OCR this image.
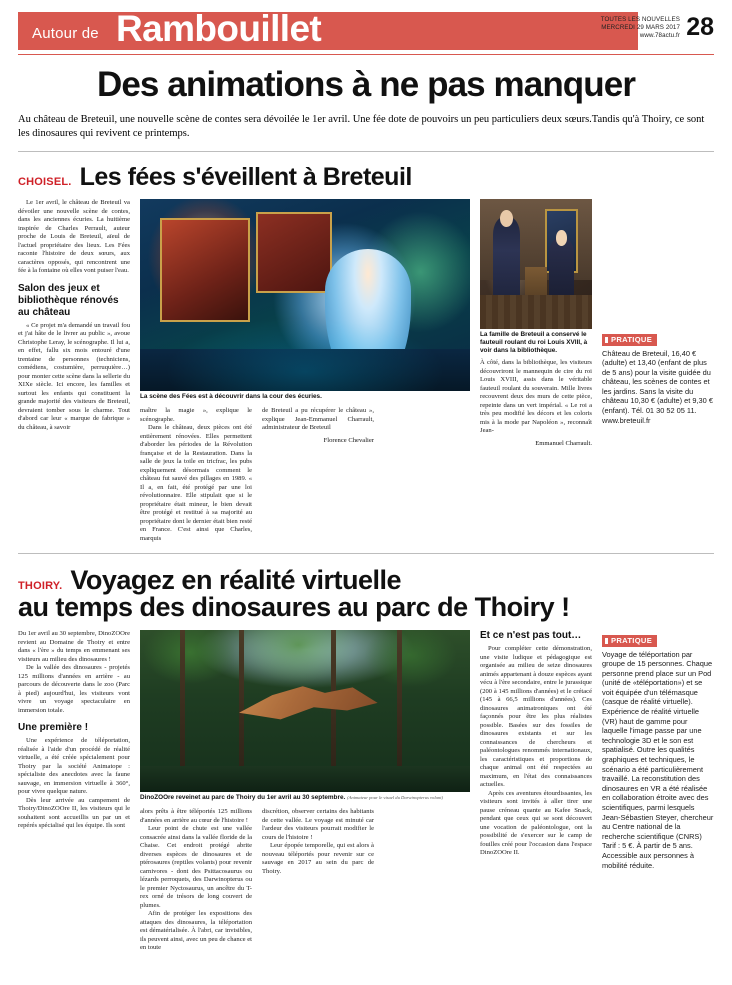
Autour de Rambouillet	TOUTES LES NOUVELLES
MERCREDI 29 MARS 2017
www.78actu.fr 28
Des animations à ne pas manquer

Au château de Breteuil, une nouvelle scène de contes sera dévoilée le 1er avril. Une fée dote de pouvoirs un peu particuliers deux sœurs.Tandis qu'à Thoiry, ce sont les dinosaures qui revivent ce printemps.

CHOISEL. Les fées s'éveillent à Breteuil

Le 1er avril, le château de Breteuil va dévoiler une nouvelle scène de contes, dans les anciennes écuries. La huitième inspirée de Charles Perrault, auteur proche de Louis de Breteuil, aïeul de l'actuel propriétaire des lieux. Les Fées raconte l'histoire de deux sœurs, aux caractères opposés, qui rencontrent une fée à la fontaine où elles vont puiser l'eau.

Salon des jeux et bibliothèque rénovés au château

« Ce projet m'a demandé un travail fou et j'ai hâte de le livrer au public », avoue Christophe Leray, le scénographe. Il lui a, en effet, fallu six mois entouré d'une trentaine de personnes (techniciens, comédiens, costumière, perruquière…) pour monter cette scène dans la sellerie du XIXe siècle. Ici encore, les familles et surtout les enfants qui constituent la grande majorité des visiteurs de Breteuil, devraient tomber sous le charme. Tout d'abord car leur « marque de fabrique » du château, à savoir

La scène des Fées est à découvrir dans la cour des écuries.

maître la magie », explique le scénographe.

Dans le château, deux pièces ont été entièrement rénovées. Elles permettent d'aborder les périodes de la Révolution française et de la Restauration. Dans la salle de jeux la toile en tricfrac, les pubs expliquement désormais comment le château fut sauvé des pillages en 1989. « Il a, en fait, été protégé par une loi révolutionnaire. Elle stipulait que si le propriétaire était mineur, le bien devait être protégé et restitué à sa majorité au propriétaire dont le dernier était bien resté en France. C'est ainsi que Charles, marquis

de Breteuil a pu récupérer le château », explique Jean-Emmanuel Charrault, administrateur de Breteuil

Florence Chevalier
La famille de Breteuil a conservé le fauteuil roulant du roi Louis XVIII, à voir dans la bibliothèque.

À côté, dans la bibliothèque, les visiteurs découvriront le mannequin de cire du roi Louis XVIII, assis dans le véritable fauteuil roulant du souverain. Mille livres recouvrent deux des murs de cette pièce, repeinte dans un vert impérial. « Le roi a très peu modifié les décors et les coloris mis à la mode par Napoléon », reconnaît Jean-

Emmanuel Charrault.
PRATIQUE
Château de Breteuil, 16,40 € (adulte) et 13,40 (enfant de plus de 5 ans) pour la visite guidée du château, les scènes de contes et les jardins. Sans la visite du château 10,30 € (adulte) et 9,30 € (enfant). Tél. 01 30 52 05 11. www.breteuil.fr
THOIRY. Voyagez en réalité virtuelle
au temps des dinosaures au parc de Thoiry !

Du 1er avril au 30 septembre, DinoZOOre revient au Domaine de Thoiry et entre dans « l'ère » du temps en emmenant ses visiteurs au milieu des dinosaures !

De la vallée des dinosaures - projetés 125 millions d'années en arrière - au parcours de découverte dans le zoo (Parc à pied) aujourd'hui, les visiteurs vont vivre un voyage spectaculaire en immersion totale.

Une première !

Une expérience de téléportation, réalisée à l'aide d'un procédé de réalité virtuelle, a été créée spécialement pour Thoiry par la société Animatope : spécialiste des anecdotes avec la faune sauvage, en immersion virtuelle à 360°, pour vivre quelque nature.

Dès leur arrivée au campement de Thoiry/DinoZOOre II, les visiteurs qui le souhaitent sont accueillis un par un et repérés spécialisé qui les équipe. Ils sont

DinoZOOre reveinet au parc de Thoiry du 1er avril au 30 septembre. (Animateur pour le visuel du Darwinopterus volant)

alors prêts à être téléportés 125 millions d'années en arrière au cœur de l'histoire !

Leur point de chute est une vallée consacrée ainsi dans la vallée floride de la Chaise. Cet endroit protégé abrite diverses espèces de dinosaures et de ptérosaures (reptiles volants) pour revenir carnivores - dont des Psittacosaurus ou lézards perroquets, des Darwinopterus ou le premier Nyctosaurus, un ancêtre du T-rex orné de trésors de long couvert de plumes.

Afin de protéger les expositions des attaques des dinosaures, la téléportation est dématérialisée. À l'abri, car invisibles, ils peuvent ainsi, avec un peu de chance et en toute

discrétion, observer certains des habitants de cette vallée. Le voyage est minuté car l'ardeur des visiteurs pourrait modifier le cours de l'histoire !

Leur épopée temporelle, qui est alors à nouveau téléportés pour revenir sur ce sauvage en 2017 au sein du parc de Thoiry.

Et ce n'est pas tout…

Pour compléter cette démonstration, une visite ludique et pédagogique est organisée au milieu de seize dinosaures animés appartenant à douze espèces ayant vécu à l'ère secondaire, entre le jurassique (200 à 145 millions d'années) et le crétacé (145 à 66,5 millions d'années). Ces dinosaures animatroniques ont été façonnés pour être les plus réalistes possible. Basées sur des fossiles de dinosaures existants et sur les connaissances de chercheurs et paléontologues renommés internationaux, les caractéristiques et proportions de chaque animal ont été respectées au maximum, en l'état des connaissances actuelles.

Après ces aventures étourdissantes, les visiteurs sont invités à aller tirer une pause créneau quante au Kafee Snack, pendant que ceux qui se sont découvert une vocation de paléontologue, ont la possibilité de s'exercer sur le camp de fouilles créé pour l'occasion dans l'espace DinoZOOre II.

PRATIQUE
Voyage de téléportation par groupe de 15 personnes. Chaque personne prend place sur un Pod (unité de «téléportation») et se voit équipée d'un télémasque (casque de réalité virtuelle). Expérience de réalité virtuelle (VR) haut de gamme pour laquelle l'image passe par une technologie 3D et le son est spatialisé. Outre les qualités graphiques et techniques, le scénario a été particulièrement travaillé. La reconstitution des dinosaures en VR a été réalisée en collaboration étroite avec des scientifiques, parmi lesquels Jean-Sébastien Steyer, chercheur au Centre national de la recherche scientifique (CNRS) Tarif : 5 €. À partir de 5 ans. Accessible aux personnes à mobilité réduite.
